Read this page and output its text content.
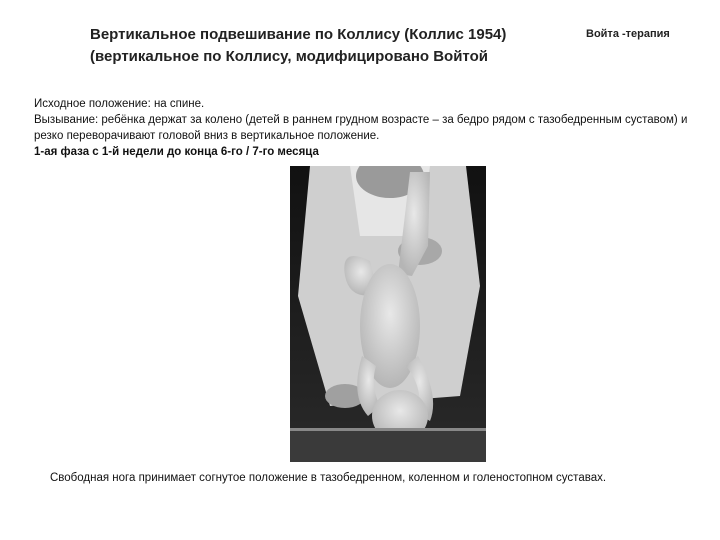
Вертикальное подвешивание по Коллису (Коллис 1954)
(вертикальное по Коллису, модифицировано Войтой
Войта -терапия
Исходное положение: на спине.
Вызывание: ребёнка держат за колено (детей в раннем грудном возрасте – за бедро рядом с тазобедренным суставом) и резко переворачивают головой вниз в вертикальное положение.
1-ая фаза с 1-й недели до конца 6-го / 7-го месяца
Свободная нога принимает согнутое положение в тазобедренном, коленном и голеностопном суставах.
